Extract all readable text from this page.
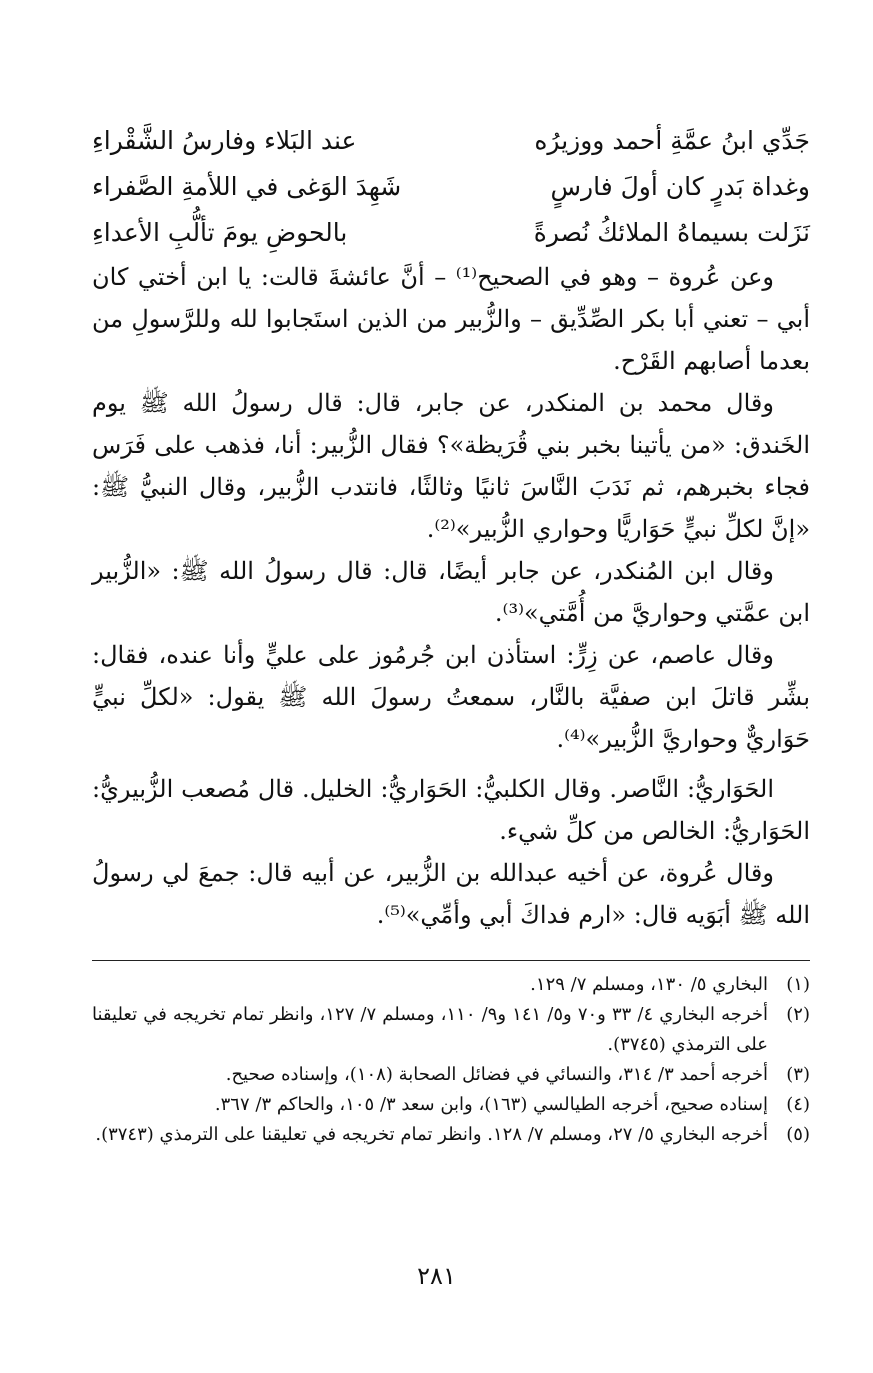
جَدِّي ابنُ عمَّةِ أحمد ووزيرُه
عند البَلاء وفارسُ الشَّقْراءِ
وغداة بَدرٍ كان أولَ فارسٍ
شَهِدَ الوَغى في اللأمةِ الصَّفراء
نَزَلت بسيماهُ الملائكُ نُصرةً
بالحوضِ يومَ تألُّبِ الأعداءِ

وعن عُروة – وهو في الصحيح⁽¹⁾ – أنَّ عائشةَ قالت: يا ابن أختي كان أبي – تعني أبا بكر الصِّدِّيق – والزُّبير من الذين استَجابوا لله وللرَّسولِ من بعدما أصابهم القَرْح.

وقال محمد بن المنكدر، عن جابر، قال: قال رسولُ الله ﷺ يوم الخَندق: «من يأتينا بخبر بني قُرَيظة»؟ فقال الزُّبير: أنا، فذهب على فَرَس فجاء بخبرهم، ثم نَدَبَ النَّاسَ ثانيًا وثالثًا، فانتدب الزُّبير، وقال النبيُّ ﷺ: «إنَّ لكلِّ نبيٍّ حَوَاريًّا وحواري الزُّبير»⁽²⁾.

وقال ابن المُنكدر، عن جابر أيضًا، قال: قال رسولُ الله ﷺ: «الزُّبير ابن عمَّتي وحواريَّ من أُمَّتي»⁽³⁾.

وقال عاصم، عن زِرٍّ: استأذن ابن جُرمُوز على عليٍّ وأنا عنده، فقال: بشِّر قاتلَ ابن صفيَّة بالنَّار، سمعتُ رسولَ الله ﷺ يقول: «لكلِّ نبيٍّ حَوَاريٌّ وحواريَّ الزُّبير»⁽⁴⁾.

الحَوَاريُّ: النَّاصر. وقال الكلبيُّ: الحَوَاريُّ: الخليل. قال مُصعب الزُّبيريُّ: الحَوَاريُّ: الخالص من كلِّ شيء.

وقال عُروة، عن أخيه عبدالله بن الزُّبير، عن أبيه قال: جمعَ لي رسولُ الله ﷺ أبَوَيه قال: «ارم فداكَ أبي وأمِّي»⁽⁵⁾.

(١)
البخاري ٥/ ١٣٠، ومسلم ٧/ ١٢٩.
(٢)
أخرجه البخاري ٤/ ٣٣ و٧٠ و٥/ ١٤١ و٩/ ١١٠، ومسلم ٧/ ١٢٧، وانظر تمام تخريجه في تعليقنا على الترمذي (٣٧٤٥).
(٣)
أخرجه أحمد ٣/ ٣١٤، والنسائي في فضائل الصحابة (١٠٨)، وإسناده صحيح.
(٤)
إسناده صحيح، أخرجه الطيالسي (١٦٣)، وابن سعد ٣/ ١٠٥، والحاكم ٣/ ٣٦٧.
(٥)
أخرجه البخاري ٥/ ٢٧، ومسلم ٧/ ١٢٨. وانظر تمام تخريجه في تعليقنا على الترمذي (٣٧٤٣).
٢٨١
